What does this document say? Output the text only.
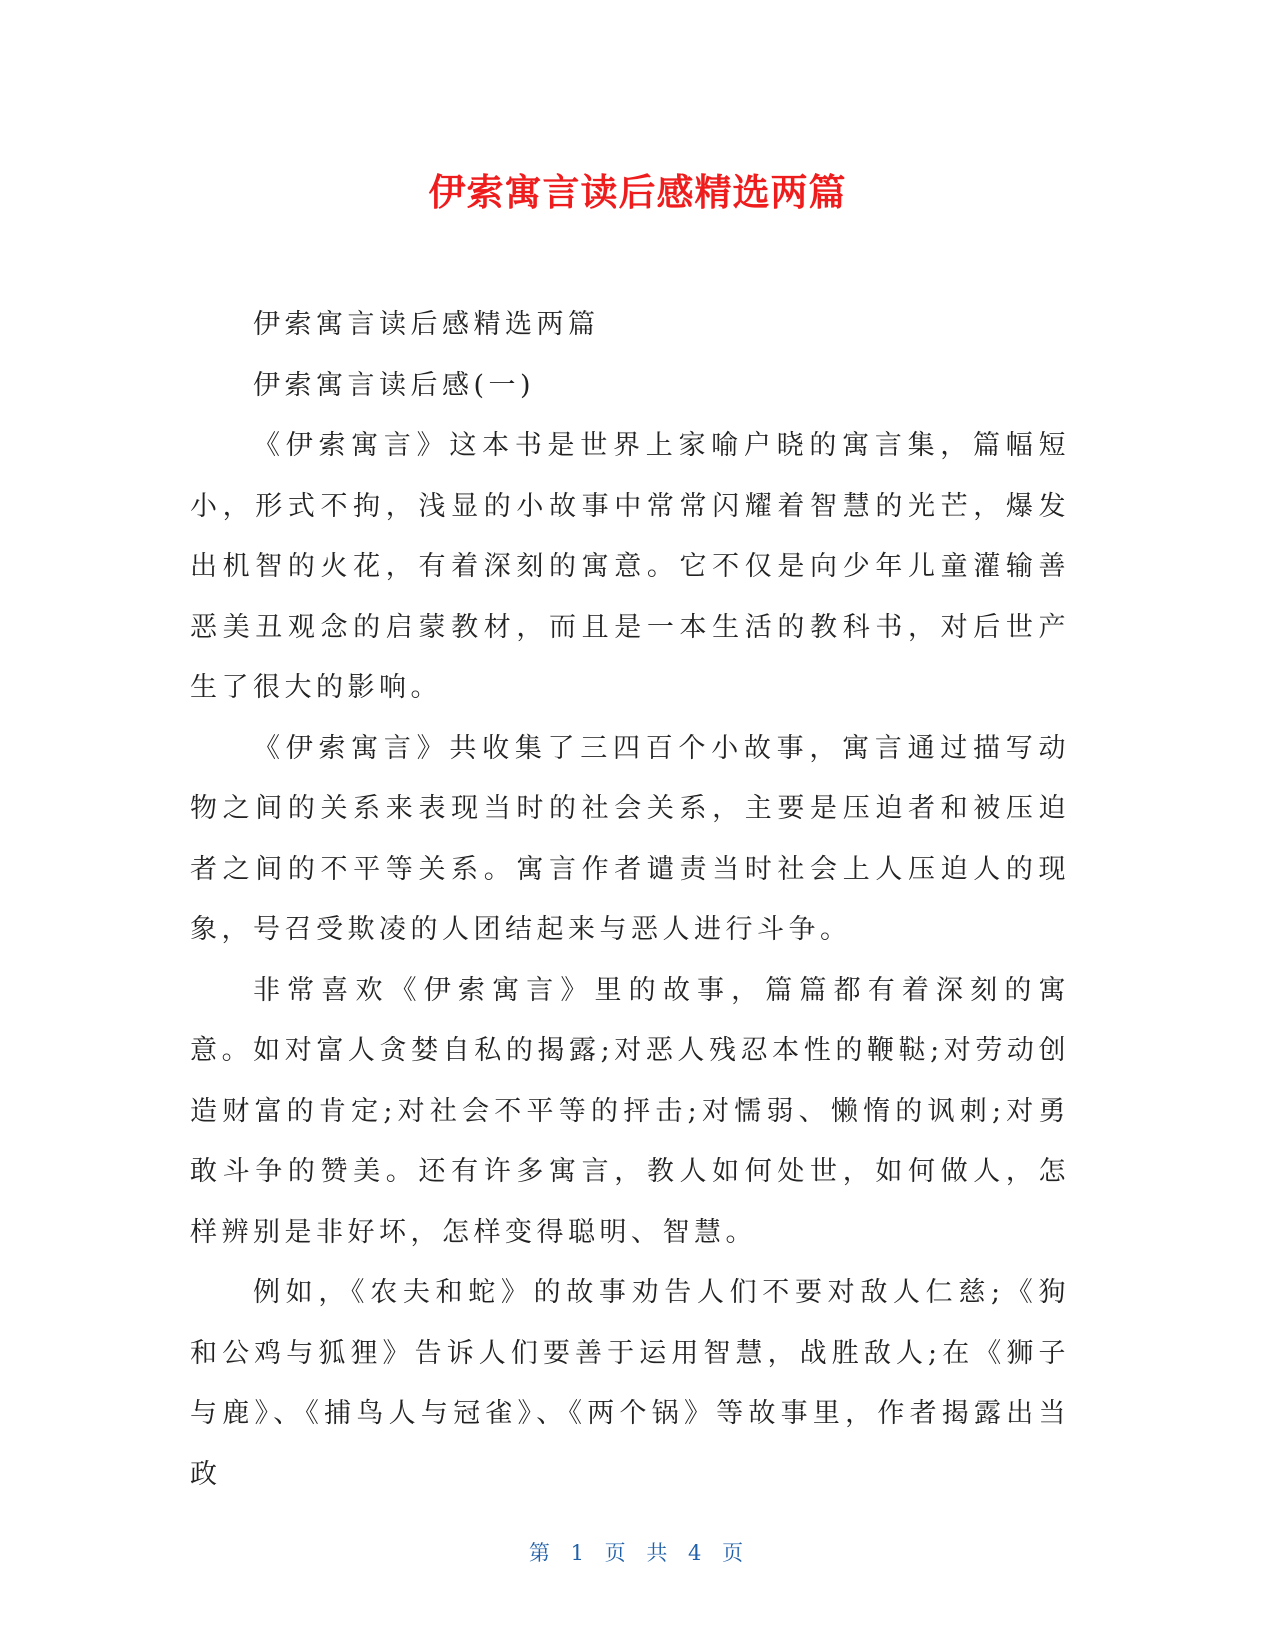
伊索寓言读后感精选两篇

伊索寓言读后感精选两篇

伊索寓言读后感(一)

《伊索寓言》这本书是世界上家喻户晓的寓言集，篇幅短小，形式不拘，浅显的小故事中常常闪耀着智慧的光芒，爆发出机智的火花，有着深刻的寓意。它不仅是向少年儿童灌输善恶美丑观念的启蒙教材，而且是一本生活的教科书，对后世产生了很大的影响。

《伊索寓言》共收集了三四百个小故事，寓言通过描写动物之间的关系来表现当时的社会关系，主要是压迫者和被压迫者之间的不平等关系。寓言作者谴责当时社会上人压迫人的现象，号召受欺凌的人团结起来与恶人进行斗争。

非常喜欢《伊索寓言》里的故事，篇篇都有着深刻的寓意。如对富人贪婪自私的揭露;对恶人残忍本性的鞭鞑;对劳动创造财富的肯定;对社会不平等的抨击;对懦弱、懒惰的讽刺;对勇敢斗争的赞美。还有许多寓言，教人如何处世，如何做人，怎样辨别是非好坏，怎样变得聪明、智慧。

例如，《农夫和蛇》的故事劝告人们不要对敌人仁慈;《狗和公鸡与狐狸》告诉人们要善于运用智慧，战胜敌人;在《狮子与鹿》、《捕鸟人与冠雀》、《两个锅》等故事里，作者揭露出当政

第 1 页 共 4 页
